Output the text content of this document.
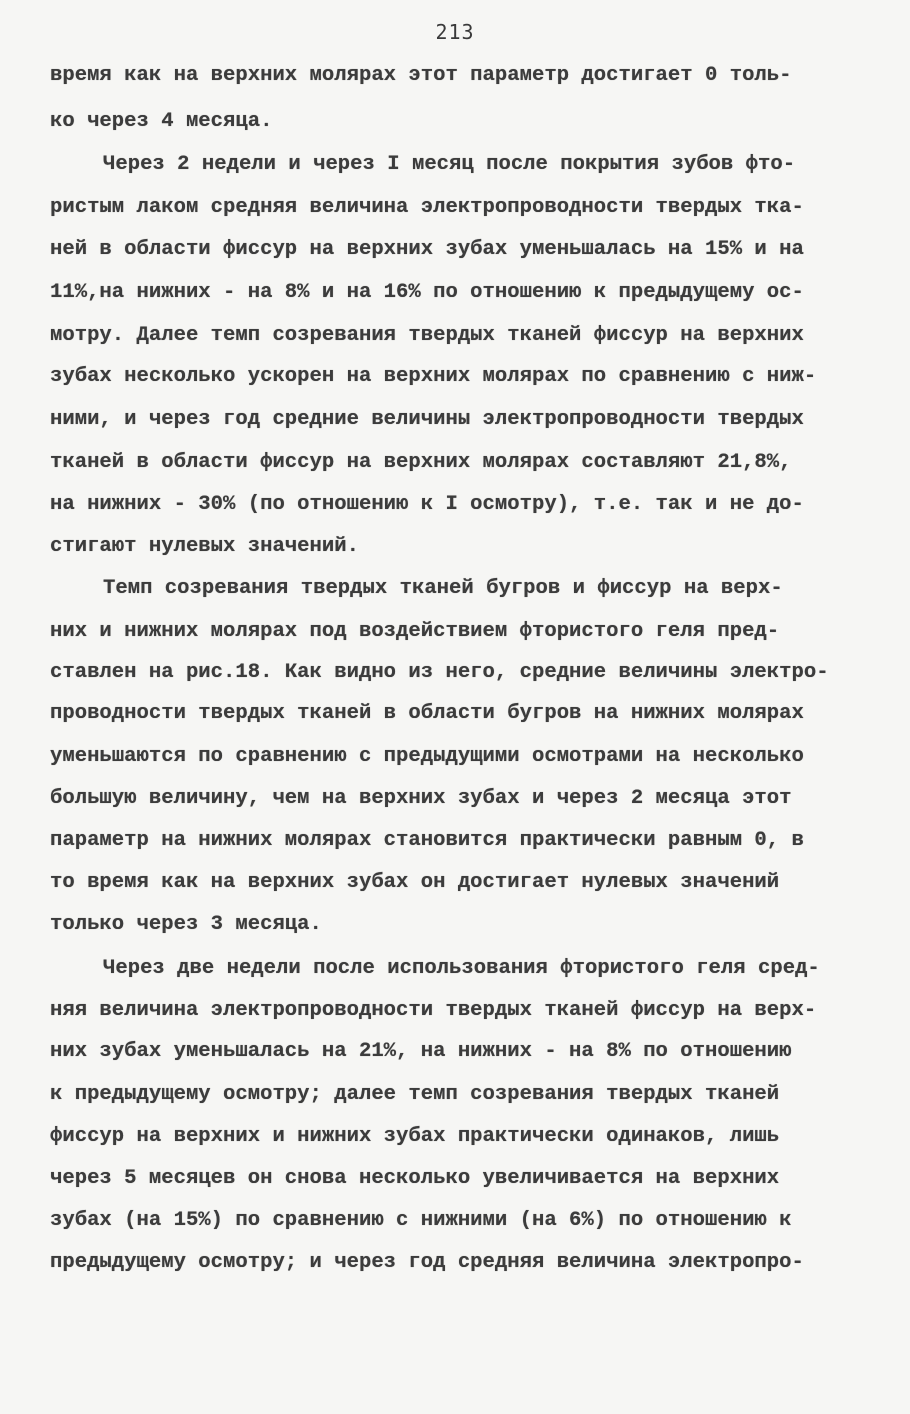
213
время как на верхних молярах этот параметр достигает 0 толь-
ко через 4 месяца.
Через 2 недели и через I месяц после покрытия зубов фто-
ристым лаком средняя величина электропроводности твердых тка-
ней в области фиссур на верхних зубах уменьшалась на 15% и на
11%,на нижних - на 8% и на 16% по отношению к предыдущему ос-
мотру. Далее темп созревания твердых тканей фиссур на верхних
зубах несколько ускорен на верхних молярах по сравнению с ниж-
ними, и через год средние величины электропроводности твердых
тканей в области фиссур на верхних молярах составляют 21,8%,
на нижних - 30% (по отношению к I осмотру), т.е. так и не до-
стигают нулевых значений.
Темп созревания твердых тканей бугров и фиссур на верх-
них и нижних молярах под воздействием фтористого геля пред-
ставлен на рис.18. Как видно из него, средние величины электро-
проводности твердых тканей в области бугров на нижних молярах
уменьшаются по сравнению с предыдущими осмотрами на несколько
большую величину, чем на верхних зубах и через 2 месяца этот
параметр на нижних молярах становится практически равным 0, в
то время как на верхних зубах он достигает нулевых значений
только через 3 месяца.
Через две недели после использования фтористого геля сред-
няя величина электропроводности твердых тканей фиссур на верх-
них зубах уменьшалась на 21%, на нижних - на 8% по отношению
к предыдущему осмотру; далее темп созревания твердых тканей
фиссур на верхних и нижних зубах практически одинаков, лишь
через 5 месяцев он снова несколько увеличивается на верхних
зубах (на 15%) по сравнению с нижними (на 6%) по отношению к
предыдущему осмотру; и через год средняя величина электропро-
